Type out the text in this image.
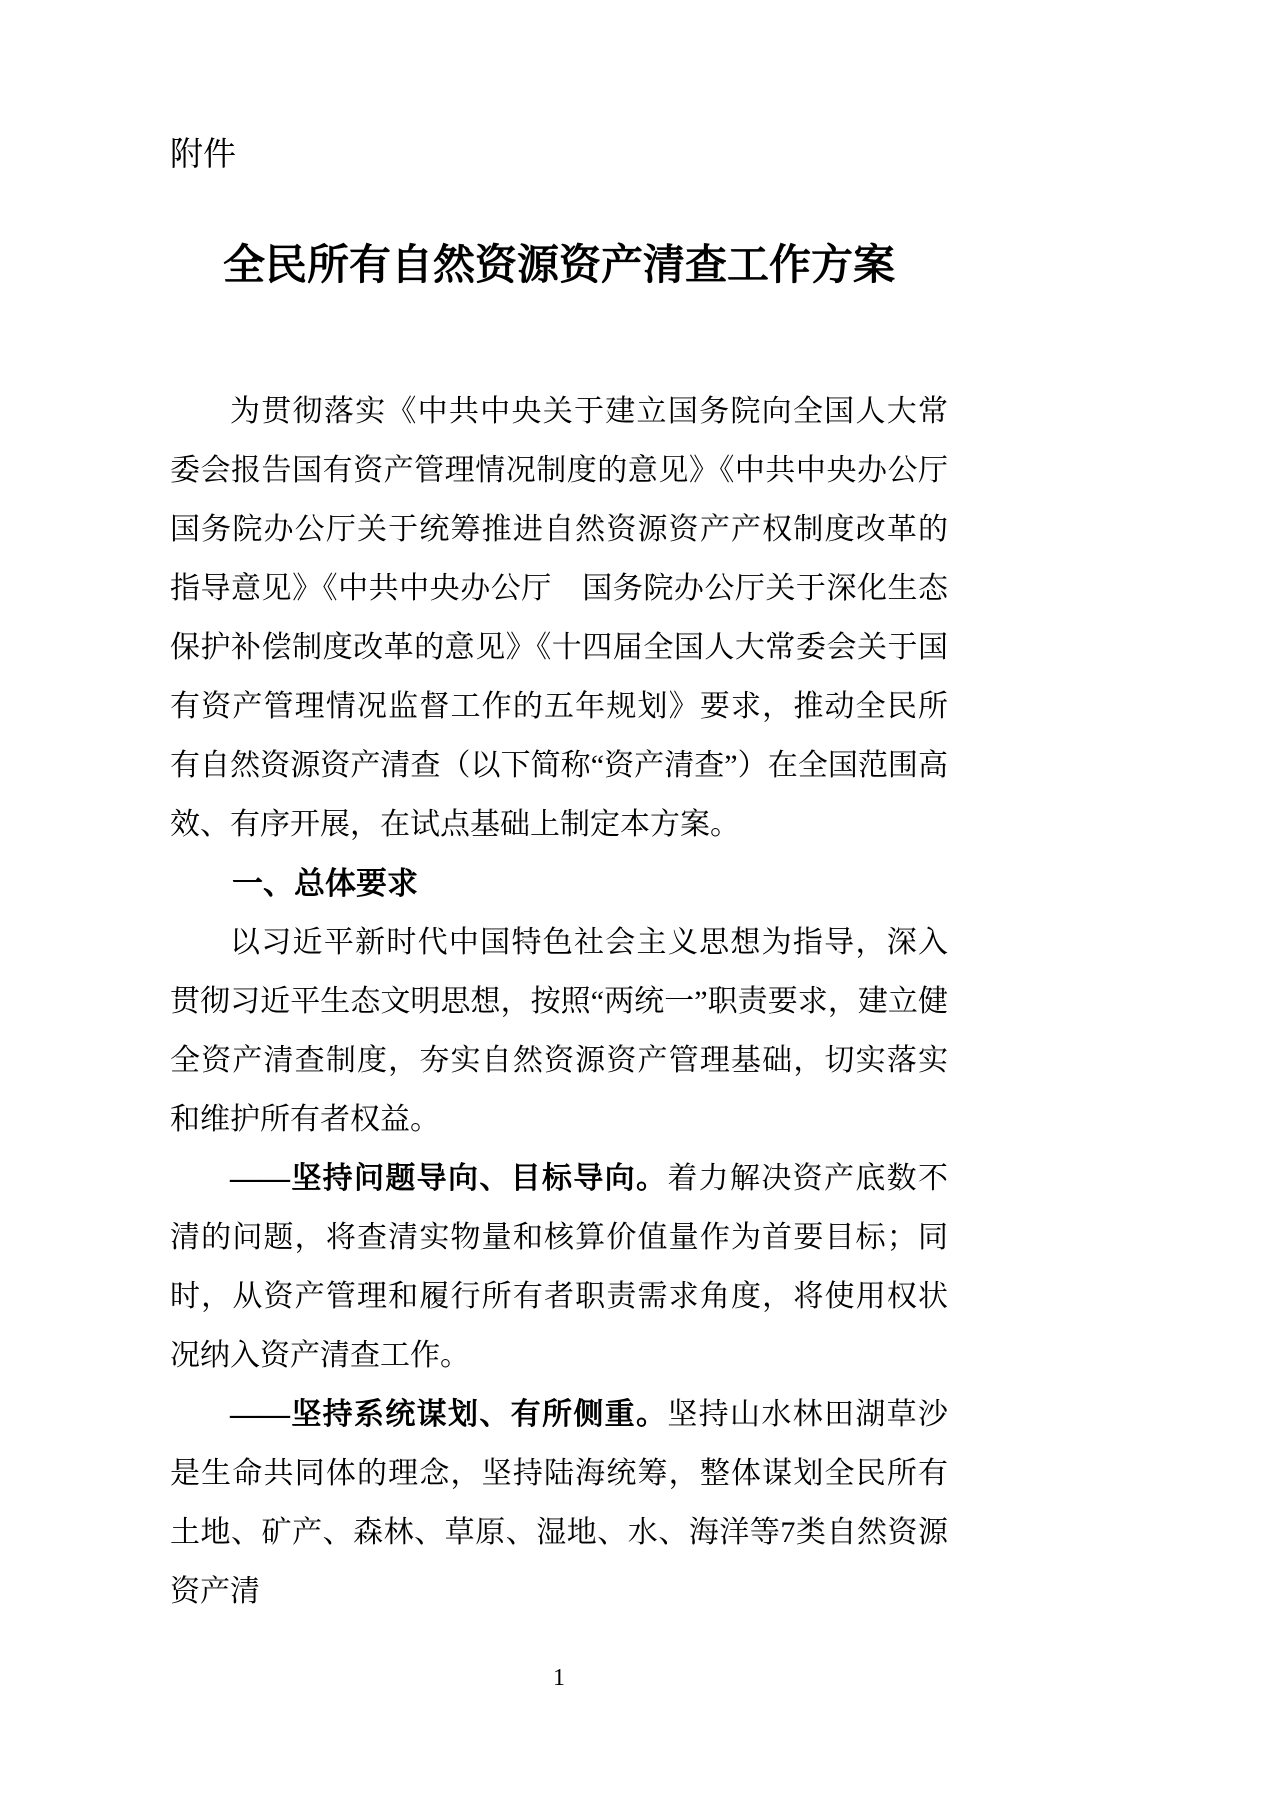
附件
全民所有自然资源资产清查工作方案

为贯彻落实《中共中央关于建立国务院向全国人大常委会报告国有资产管理情况制度的意见》《中共中央办公厅　国务院办公厅关于统筹推进自然资源资产产权制度改革的指导意见》《中共中央办公厅　国务院办公厅关于深化生态保护补偿制度改革的意见》《十四届全国人大常委会关于国有资产管理情况监督工作的五年规划》要求，推动全民所有自然资源资产清查（以下简称“资产清查”）在全国范围高效、有序开展，在试点基础上制定本方案。

一、总体要求

以习近平新时代中国特色社会主义思想为指导，深入贯彻习近平生态文明思想，按照“两统一”职责要求，建立健全资产清查制度，夯实自然资源资产管理基础，切实落实和维护所有者权益。

——坚持问题导向、目标导向。着力解决资产底数不清的问题，将查清实物量和核算价值量作为首要目标；同时，从资产管理和履行所有者职责需求角度，将使用权状况纳入资产清查工作。

——坚持系统谋划、有所侧重。坚持山水林田湖草沙是生命共同体的理念，坚持陆海统筹，整体谋划全民所有土地、矿产、森林、草原、湿地、水、海洋等7类自然资源资产清

1
